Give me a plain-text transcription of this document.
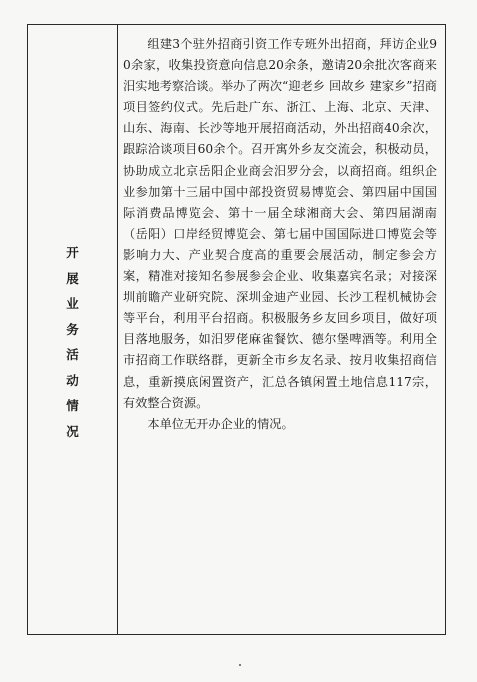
开
展
业
务
活
动
情
况

组建3个驻外招商引资工作专班外出招商，拜访企业90余家，收集投资意向信息20余条，邀请20余批次客商来汨实地考察洽谈。举办了两次“迎老乡 回故乡 建家乡”招商项目签约仪式。先后赴广东、浙江、上海、北京、天津、山东、海南、长沙等地开展招商活动，外出招商40余次，跟踪洽谈项目60余个。召开寓外乡友交流会，积极动员，协助成立北京岳阳企业商会汨罗分会，以商招商。组织企业参加第十三届中国中部投资贸易博览会、第四届中国国际消费品博览会、第十一届全球湘商大会、第四届湖南（岳阳）口岸经贸博览会、第七届中国国际进口博览会等影响力大、产业契合度高的重要会展活动，制定参会方案，精准对接知名参展参会企业、收集嘉宾名录；对接深圳前瞻产业研究院、深圳金迪产业园、长沙工程机械协会等平台，利用平台招商。积极服务乡友回乡项目，做好项目落地服务，如汨罗佬麻雀餐饮、德尔堡啤酒等。利用全市招商工作联络群，更新全市乡友名录、按月收集招商信息，重新摸底闲置资产，汇总各镇闲置土地信息117宗，有效整合资源。

本单位无开办企业的情况。
